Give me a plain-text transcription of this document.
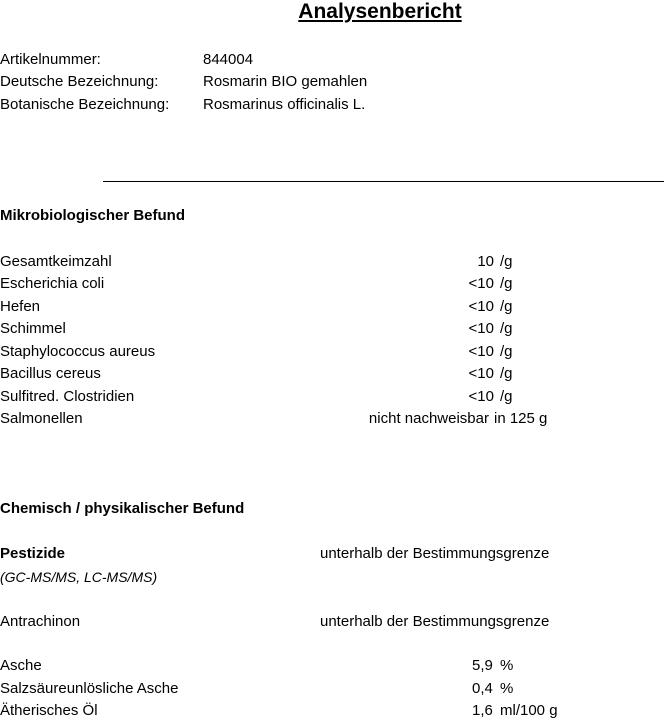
Analysenbericht
Artikelnummer:	844004
Deutsche Bezeichnung:	Rosmarin BIO gemahlen
Botanische Bezeichnung: Rosmarinus officinalis L.
Mikrobiologischer Befund
Gesamtkeimzahl	10 /g
Escherichia coli	<10 /g
Hefen	<10 /g
Schimmel	<10 /g
Staphylococcus aureus	<10 /g
Bacillus cereus	<10 /g
Sulfitred. Clostridien	<10 /g
Salmonellen	nicht nachweisbar in 125 g
Chemisch / physikalischer Befund
Pestizide	unterhalb der Bestimmungsgrenze
(GC-MS/MS, LC-MS/MS)
Antrachinon	unterhalb der Bestimmungsgrenze
Asche	5,9 %
Salzsäureunlösliche Asche	0,4 %
Ätherisches Öl	1,6 ml/100 g
